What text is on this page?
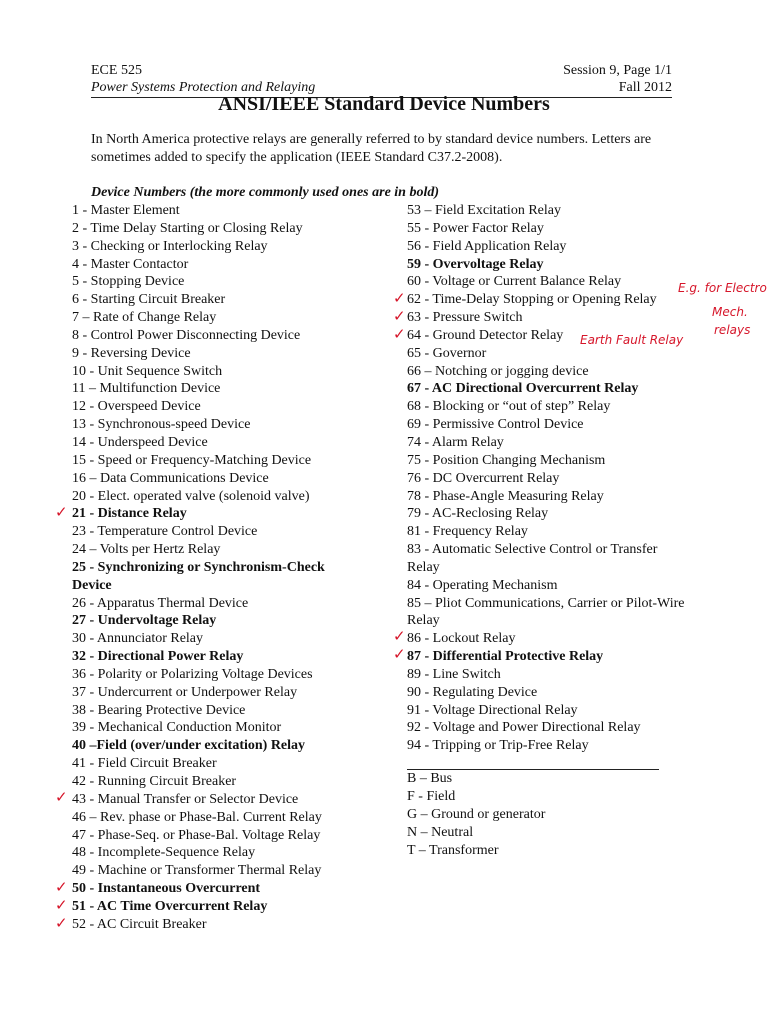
ECE 525	Session 9, Page 1/1
Power Systems Protection and Relaying	Fall 2012
ANSI/IEEE Standard Device Numbers
In North America protective relays are generally referred to by standard device numbers. Letters are sometimes added to specify the application (IEEE Standard C37.2-2008).
Device Numbers (the more commonly used ones are in bold)
1 - Master Element
2 - Time Delay Starting or Closing Relay
3 - Checking or Interlocking Relay
4 - Master Contactor
5 - Stopping Device
6 - Starting Circuit Breaker
7 – Rate of Change Relay
8 - Control Power Disconnecting Device
9 - Reversing Device
10 - Unit Sequence Switch
11 – Multifunction Device
12 - Overspeed Device
13 - Synchronous-speed Device
14 - Underspeed Device
15 - Speed or Frequency-Matching Device
16 – Data Communications Device
20 - Elect. operated valve (solenoid valve)
21 - Distance Relay
23 - Temperature Control Device
24 – Volts per Hertz Relay
25 - Synchronizing or Synchronism-Check Device
26 - Apparatus Thermal Device
27 - Undervoltage Relay
30 - Annunciator Relay
32 - Directional Power Relay
36 - Polarity or Polarizing Voltage Devices
37 - Undercurrent or Underpower Relay
38 - Bearing Protective Device
39 - Mechanical Conduction Monitor
40 –Field (over/under excitation) Relay
41 - Field Circuit Breaker
42 - Running Circuit Breaker
43 - Manual Transfer or Selector Device
46 – Rev. phase or Phase-Bal. Current Relay
47 - Phase-Seq. or Phase-Bal. Voltage Relay
48 - Incomplete-Sequence Relay
49 - Machine or Transformer Thermal Relay
50 - Instantaneous Overcurrent
51 - AC Time Overcurrent Relay
52 - AC Circuit Breaker
53 – Field Excitation Relay
55 - Power Factor Relay
56 - Field Application Relay
59 - Overvoltage Relay
60 - Voltage or Current Balance Relay
62 - Time-Delay Stopping or Opening Relay
63 - Pressure Switch
64 - Ground Detector Relay
65 - Governor
66 – Notching or jogging device
67 - AC Directional Overcurrent Relay
68 - Blocking or “out of step” Relay
69 - Permissive Control Device
74 - Alarm Relay
75 - Position Changing Mechanism
76 - DC Overcurrent Relay
78 - Phase-Angle Measuring Relay
79 - AC-Reclosing Relay
81 - Frequency Relay
83 - Automatic Selective Control or Transfer Relay
84 - Operating Mechanism
85 – Pliot Communications, Carrier or Pilot-Wire Relay
86 - Lockout Relay
87 - Differential Protective Relay
89 - Line Switch
90 - Regulating Device
91 - Voltage Directional Relay
92 - Voltage and Power Directional Relay
94 - Tripping or Trip-Free Relay
B – Bus
F - Field
G – Ground or generator
N – Neutral
T – Transformer
✓
✓
✓
✓
✓
✓
✓
✓
✓
✓
E.g. for Electro
Mech.
relays
Earth Fault Relay
